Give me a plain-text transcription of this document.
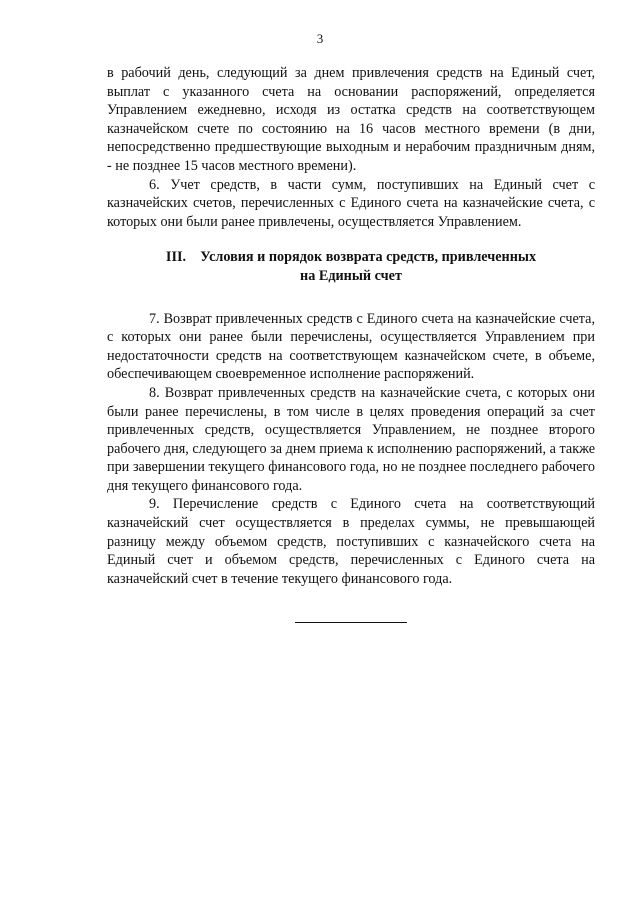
3

в рабочий день, следующий за днем привлечения средств на Единый счет, выплат с указанного счета на основании распоряжений, определяется Управлением ежедневно, исходя из остатка средств на соответствующем казначейском счете по состоянию на 16 часов местного времени (в дни, непосредственно предшествующие выходным и нерабочим праздничным дням, - не позднее 15 часов местного времени).

6. Учет средств, в части сумм, поступивших на Единый счет с казначейских счетов, перечисленных с Единого счета на казначейские счета, с которых они были ранее привлечены, осуществляется Управлением.

III.    Условия и порядок возврата средств, привлеченных
на Единый счет

7. Возврат привлеченных средств с Единого счета на казначейские счета, с которых они ранее были перечислены, осуществляется Управлением при недостаточности средств на соответствующем казначейском счете, в объеме, обеспечивающем своевременное исполнение распоряжений.

8. Возврат привлеченных средств на казначейские счета, с которых они были ранее перечислены, в том числе в целях проведения операций за счет привлеченных средств, осуществляется Управлением, не позднее второго рабочего дня, следующего за днем приема к исполнению распоряжений, а также при завершении текущего финансового года, но не позднее последнего рабочего дня текущего финансового года.

9. Перечисление средств с Единого счета на соответствующий казначейский счет осуществляется в пределах суммы, не превышающей разницу между объемом средств, поступивших с казначейского счета на Единый счет и объемом средств, перечисленных с Единого счета на казначейский счет в течение текущего финансового года.
